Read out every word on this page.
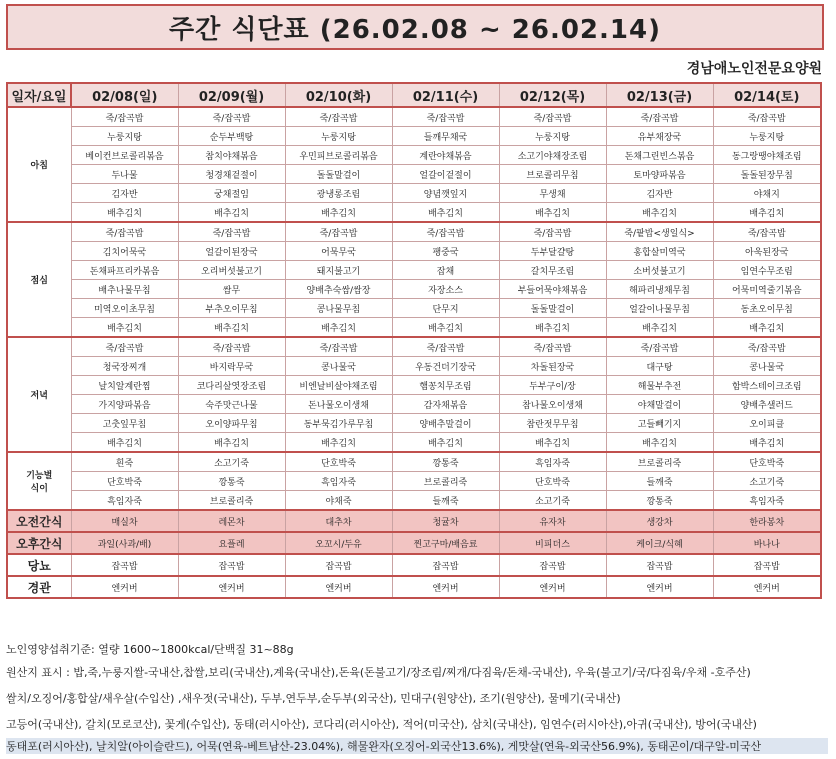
주간 식단표 (26.02.08 ~ 26.02.14)
경남애노인전문요양원
일자/요일	02/08(일)	02/09(월)	02/10(화)	02/11(수)	02/12(목)	02/13(금)	02/14(토)
아침	죽/잡곡밥	죽/잡곡밥	죽/잡곡밥	죽/잡곡밥	죽/잡곡밥	죽/잡곡밥	죽/잡곡밥
	누룽지탕	순두부백탕	누룽지탕	들깨무채국	누룽지탕	유부채장국	누룽지탕
	베이컨브로콜리볶음	참치야채볶음	우민피브로콜리볶음	계란야채볶음	소고기야채장조림	돈채그린빈스볶음	동그랑땡야채조림
	두나물	청경채겉절이	돌돌말걸이	얼갈이겉절이	브로콜리무침	토마양파볶음	돌돌된장무침
	김자반	궁채절임	광냉롱조림	양념깻잎지	무생채	김자반	야채지
	배추김치	배추김치	배추김치	배추김치	배추김치	배추김치	배추김치
점심	죽/잡곡밥	죽/잡곡밥	죽/잡곡밥	죽/잡곡밥	죽/잡곡밥	죽/팥밥<생일식>	죽/잡곡밥
	김치어묵국	얼갈이된장국	어묵무국	팽중국	두부달걀탕	홍합살미역국	아욱된장국
	돈채파프리카볶음	오리버섯불고기	돼지불고기	잡채	갈치무조림	소버섯불고기	임연수무조림
	배추나물무침	쌈무	양배추숙쌈/쌈장	자장소스	부들어묵야채볶음	해파리냉채무침	어묵미역줄기볶음
	미역오이초무침	부추오이무침	콩나물무침	단무지	돌돌말걸이	얼갈이나물무침	동초오이무침
	배추김치	배추김치	배추김치	배추김치	배추김치	배추김치	배추김치
저녁	죽/잡곡밥	죽/잡곡밥	죽/잡곡밥	죽/잡곡밥	죽/잡곡밥	죽/잡곡밥	죽/잡곡밥
	청국장찌개	바지락무국	콩나물국	우동건더기장국	차돌된장국	대구탕	콩나물국
	날치알계란찜	코다리살엿장조림	비엔날비살야채조림	햄꽁치무조림	두부구이/장	해물부추전	함박스테이크조림
	가지양파볶음	숙주맛근나물	돈나물오이생채	감자채볶음	참나물오이생채	야채말걸이	양배추샐러드
	고춧잎무침	오이양파무침	동부묵김가루무침	양배추말걸이	참란젓무무침	고들빼기지	오이피클
	배추김치	배추김치	배추김치	배추김치	배추김치	배추김치	배추김치
기능별
식이	흰죽	소고기죽	단호박죽	깡통죽	흑임자죽	브로콜리죽	단호박죽
	단호박죽	깡통죽	흑임자죽	브로콜리죽	단호박죽	들깨죽	소고기죽
	흑임자죽	브로콜리죽	야채죽	들깨죽	소고기죽	깡통죽	흑임자죽
오전간식	매실차	레몬차	대추차	청귤차	유자차	생강차	한라봉차
오후간식	과일(사과/배)	요플레	오꼬시/두유	찐고구마/배음료	비피더스	케이크/식혜	바나나
당뇨	잡곡밥	잡곡밥	잡곡밥	잡곡밥	잡곡밥	잡곡밥	잡곡밥
경관	엔커버	엔커버	엔커버	엔커버	엔커버	엔커버	엔커버
노인영양섭취기준: 열량 1600~1800kcal/단백질 31~88g
원산지 표시 : 밥,죽,누룽지쌀-국내산,찹쌀,보리(국내산),계육(국내산),돈육(돈불고기/장조림/찌개/다짐육/돈채-국내산), 우육(불고기/국/다짐육/우채 -호주산)
쌀치/오징어/홍합살/새우살(수입산) ,새우젓(국내산), 두부,연두부,순두부(외국산), 민대구(원양산), 조기(원양산), 물메기(국내산)
고등어(국내산), 갈치(모로코산), 꽃게(수입산), 동태(러시아산), 코다리(러시아산), 적어(미국산), 삼치(국내산), 임연수(러시아산),아귀(국내산), 방어(국내산)
동태포(러시아산), 날치알(아이슬란드), 어묵(연육-베트남산-23.04%), 해물완자(오징어-외국산13.6%), 게맛살(연육-외국산56.9%), 동태곤이/대구알-미국산
